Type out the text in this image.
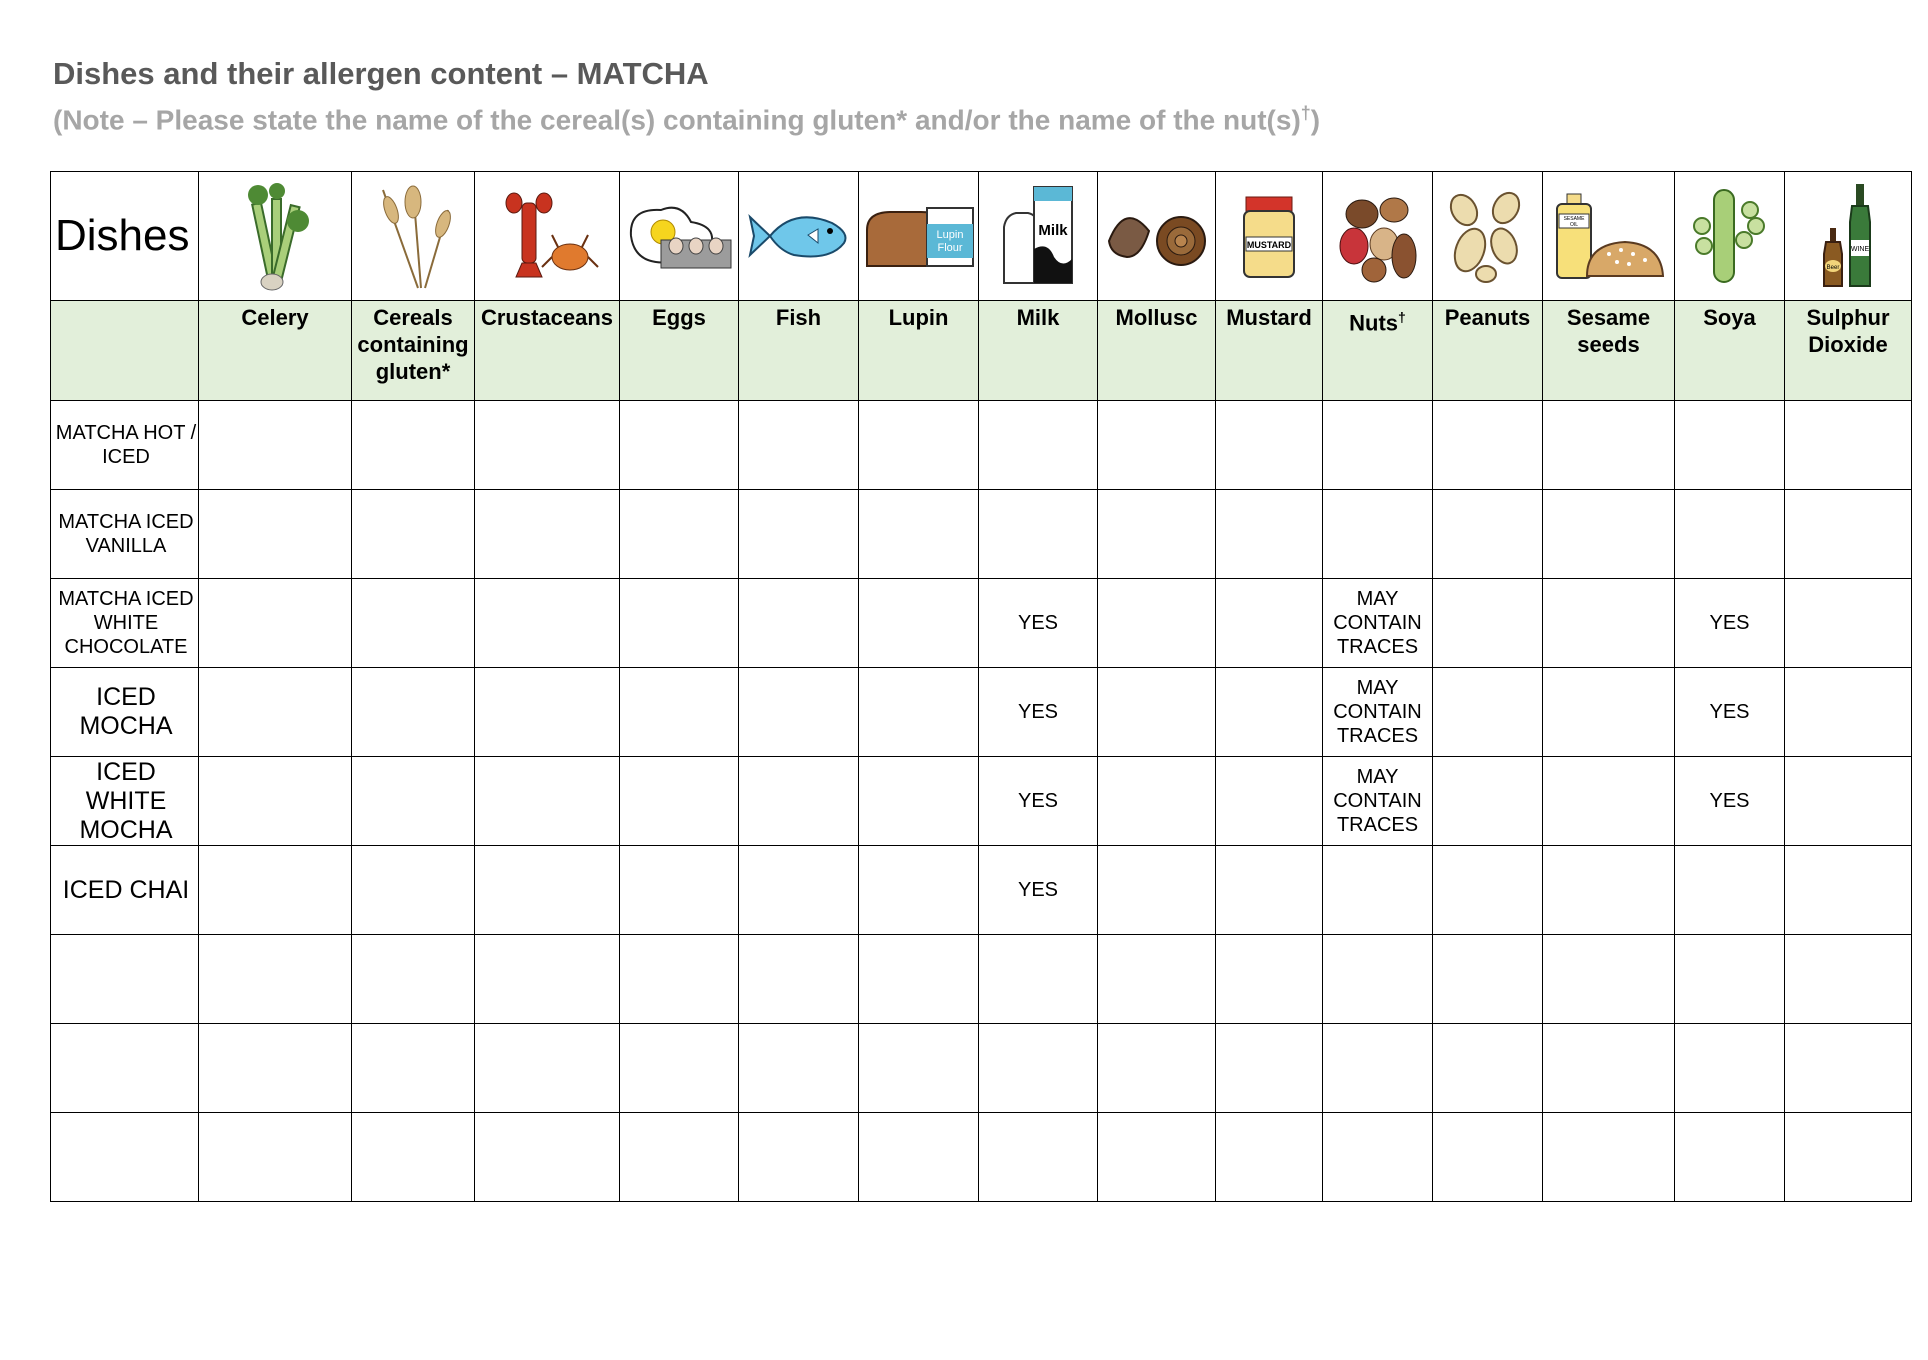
Dishes and their allergen content – MATCHA
(Note – Please state the name of the cereal(s) containing gluten* and/or the name of the nut(s)†)
Dishes						Lupin
Flour	Milk		MUSTARD			SESAME
OIL		WINE
Beer

	Celery	Cereals containing gluten*	Crustaceans	Eggs	Fish	Lupin	Milk	Mollusc	Mustard	Nuts†	Peanuts	Sesame seeds	Soya	Sulphur Dioxide
MATCHA HOT / ICED														
MATCHA ICED VANILLA														
MATCHA ICED WHITE CHOCOLATE							YES			MAY CONTAIN TRACES			YES	
ICED MOCHA							YES			MAY CONTAIN TRACES			YES	
ICED WHITE MOCHA							YES			MAY CONTAIN TRACES			YES	
ICED CHAI							YES							
